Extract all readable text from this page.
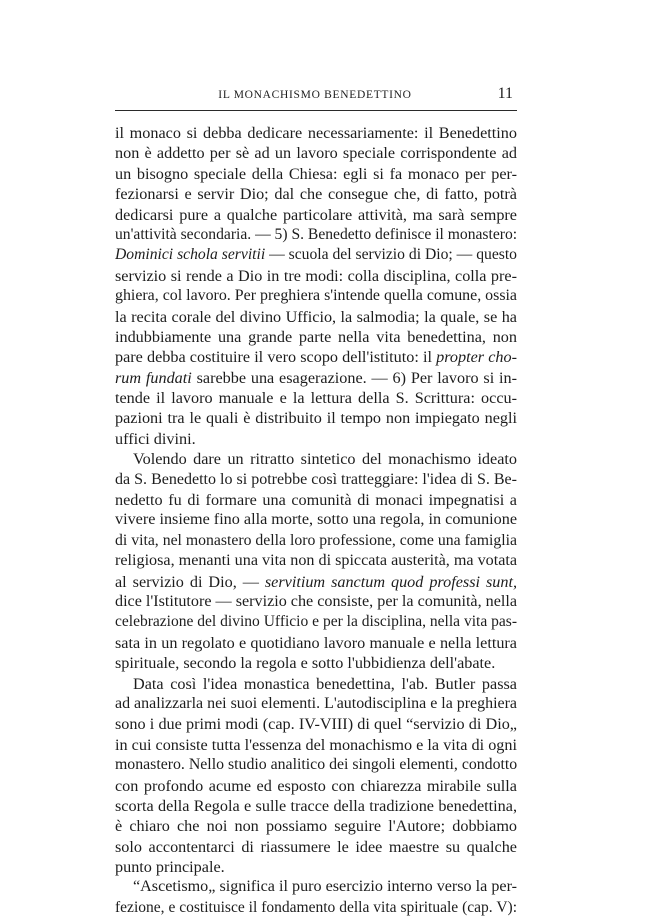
IL MONACHISMO BENEDETTINO	11
il monaco si debba dedicare necessariamente: il Benedettino
non è addetto per sè ad un lavoro speciale corrispondente ad
un bisogno speciale della Chiesa: egli si fa monaco per per-
fezionarsi e servir Dio; dal che consegue che, di fatto, potrà
dedicarsi pure a qualche particolare attività, ma sarà sempre
un'attività secondaria. — 5) S. Benedetto definisce il monastero:
Dominici schola servitii — scuola del servizio di Dio; — questo
servizio si rende a Dio in tre modi: colla disciplina, colla pre-
ghiera, col lavoro. Per preghiera s'intende quella comune, ossia
la recita corale del divino Ufficio, la salmodia; la quale, se ha
indubbiamente una grande parte nella vita benedettina, non
pare debba costituire il vero scopo dell'istituto: il propter cho-
rum fundati sarebbe una esagerazione. — 6) Per lavoro si in-
tende il lavoro manuale e la lettura della S. Scrittura: occu-
pazioni tra le quali è distribuito il tempo non impiegato negli
uffici divini.
Volendo dare un ritratto sintetico del monachismo ideato
da S. Benedetto lo si potrebbe così tratteggiare: l'idea di S. Be-
nedetto fu di formare una comunità di monaci impegnatisi a
vivere insieme fino alla morte, sotto una regola, in comunione
di vita, nel monastero della loro professione, come una famiglia
religiosa, menanti una vita non di spiccata austerità, ma votata
al servizio di Dio, — servitium sanctum quod professi sunt,
dice l'Istitutore — servizio che consiste, per la comunità, nella
celebrazione del divino Ufficio e per la disciplina, nella vita pas-
sata in un regolato e quotidiano lavoro manuale e nella lettura
spirituale, secondo la regola e sotto l'ubbidienza dell'abate.
Data così l'idea monastica benedettina, l'ab. Butler passa
ad analizzarla nei suoi elementi. L'autodisciplina e la preghiera
sono i due primi modi (cap. IV-VIII) di quel “servizio di Dio„
in cui consiste tutta l'essenza del monachismo e la vita di ogni
monastero. Nello studio analitico dei singoli elementi, condotto
con profondo acume ed esposto con chiarezza mirabile sulla
scorta della Regola e sulle tracce della tradizione benedettina,
è chiaro che noi non possiamo seguire l'Autore; dobbiamo
solo accontentarci di riassumere le idee maestre su qualche
punto principale.
“Ascetismo„ significa il puro esercizio interno verso la per-
fezione, e costituisce il fondamento della vita spirituale (cap. V):
